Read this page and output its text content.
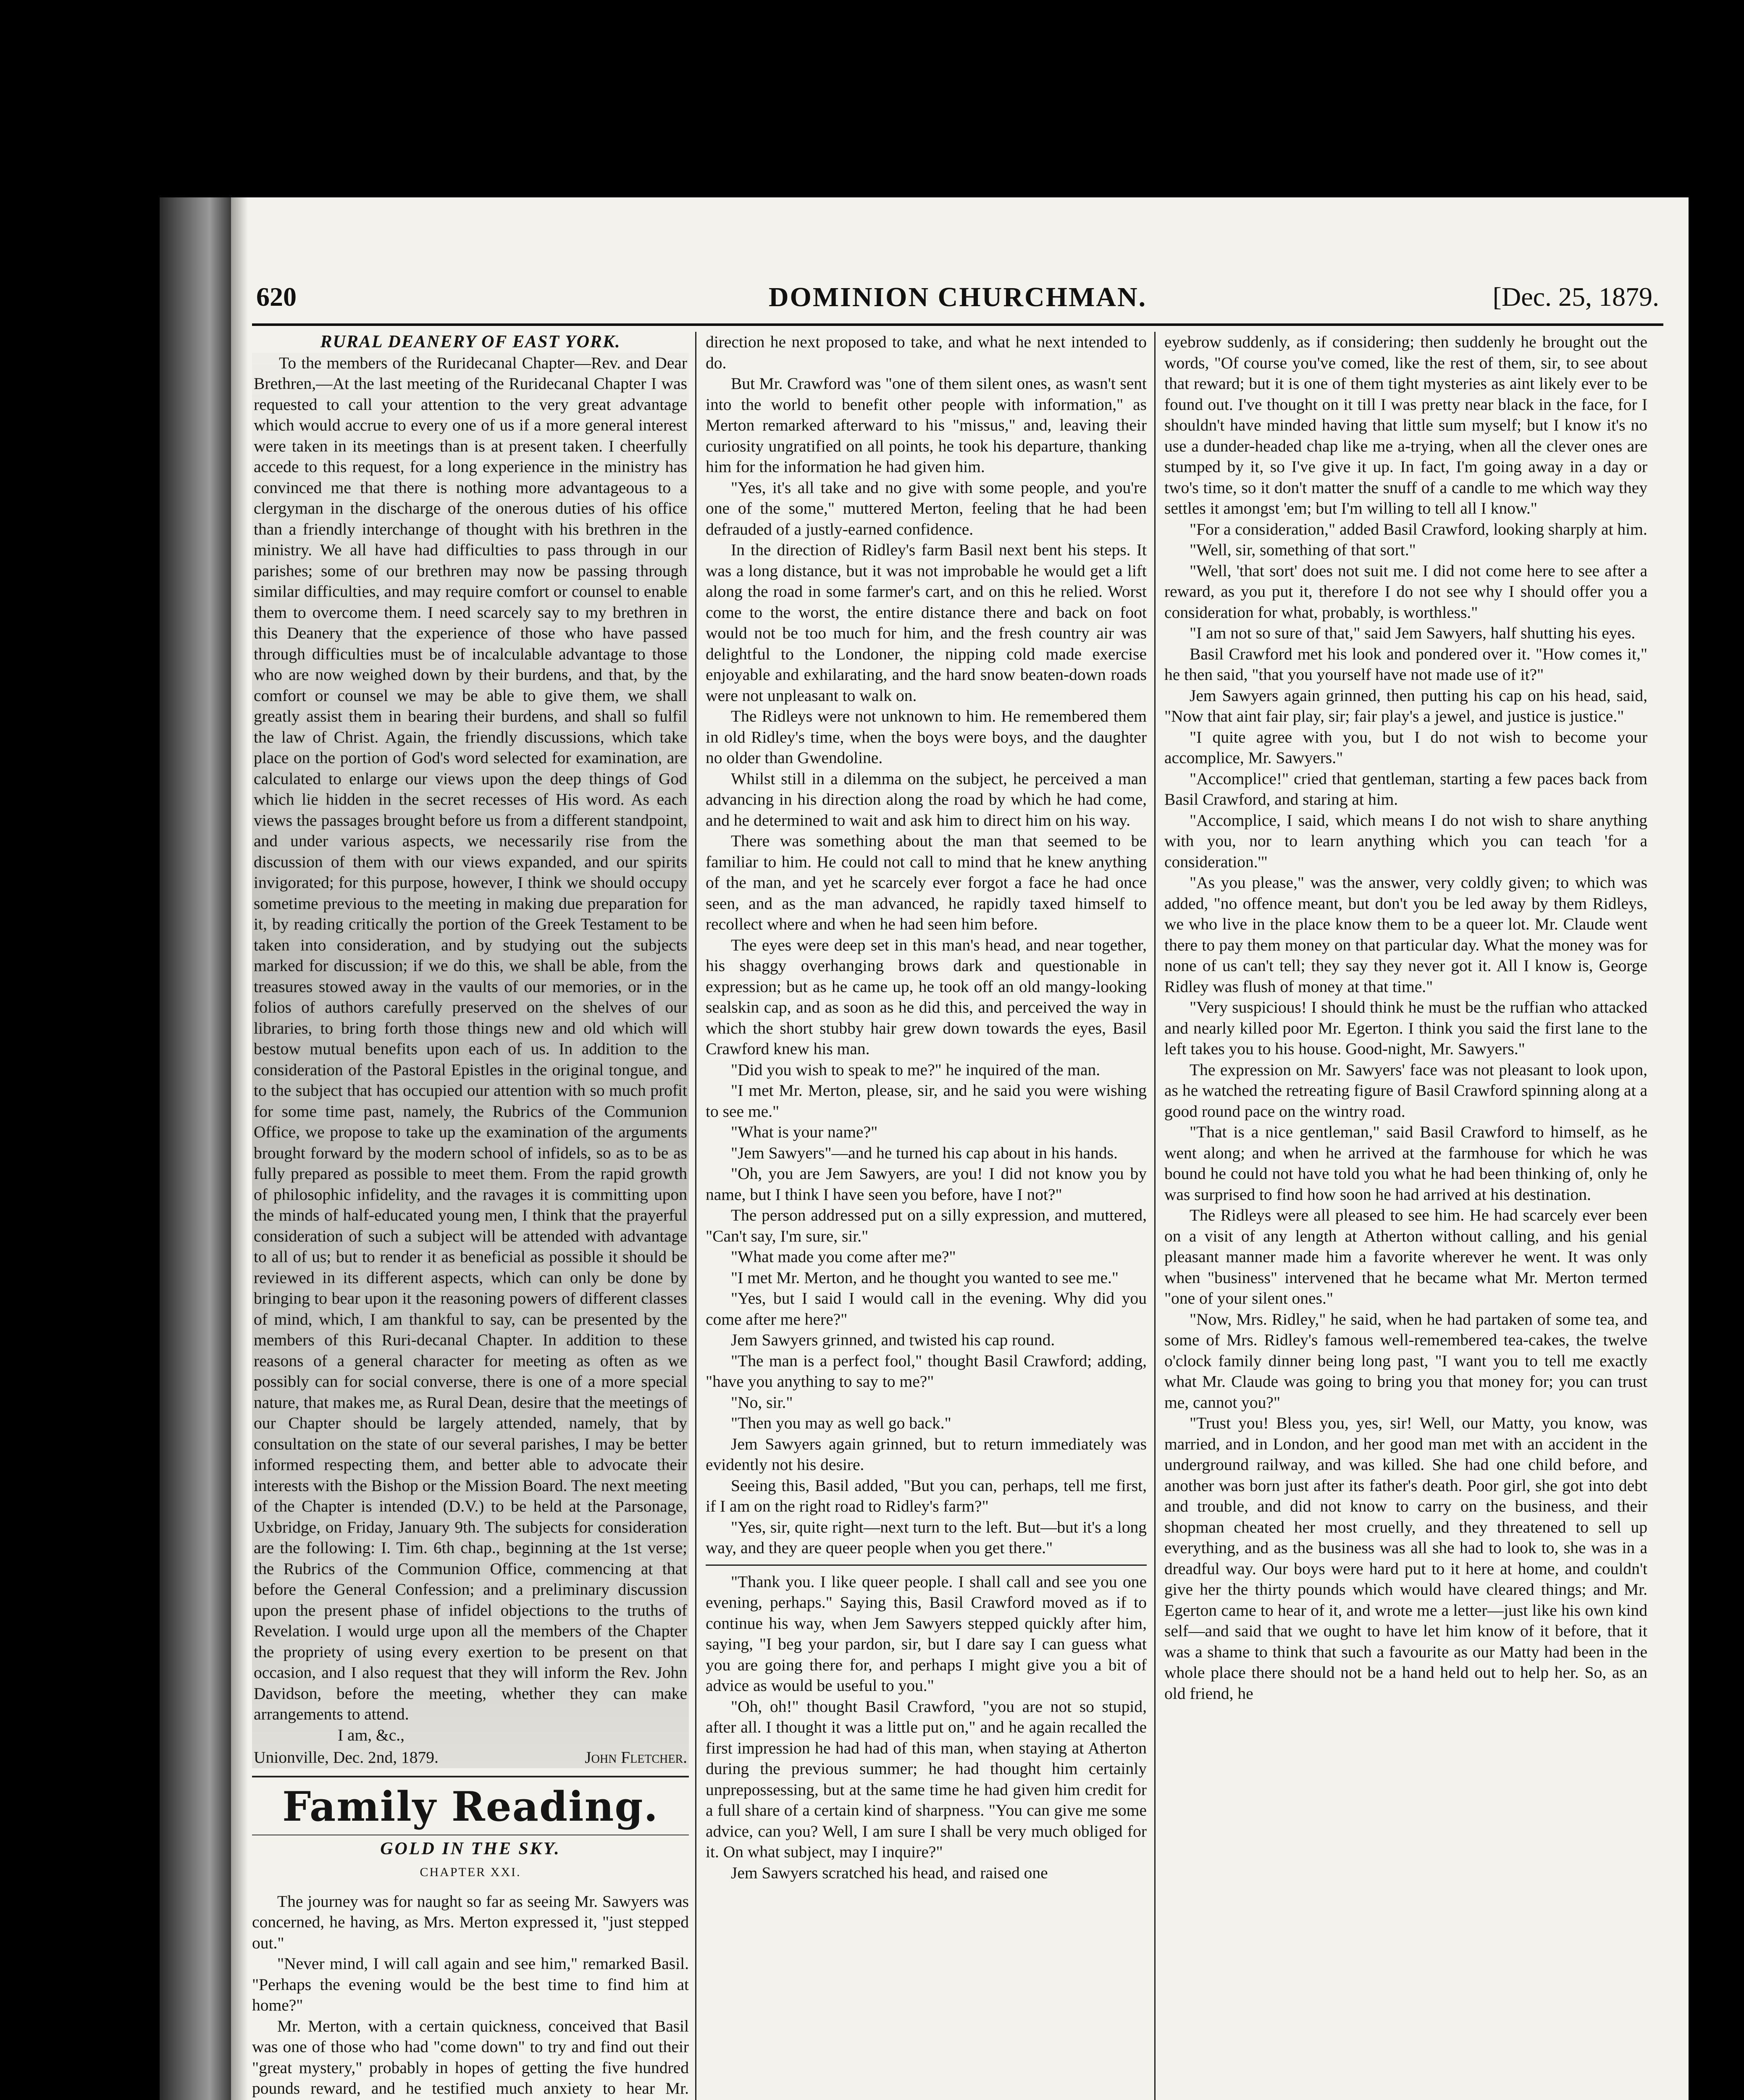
620	DOMINION CHURCHMAN.	[Dec. 25, 1879.

RURAL DEANERY OF EAST YORK.

To the members of the Ruridecanal Chapter—Rev. and Dear Brethren,—At the last meeting of the Ruridecanal Chapter I was requested to call your attention to the very great advantage which would accrue to every one of us if a more general interest were taken in its meetings than is at present taken. I cheerfully accede to this request, for a long experience in the ministry has convinced me that there is nothing more advantageous to a clergyman in the discharge of the onerous duties of his office than a friendly interchange of thought with his brethren in the ministry. We all have had difficulties to pass through in our parishes; some of our brethren may now be passing through similar difficulties, and may require comfort or counsel to enable them to overcome them. I need scarcely say to my brethren in this Deanery that the experience of those who have passed through difficulties must be of incalculable advantage to those who are now weighed down by their burdens, and that, by the comfort or counsel we may be able to give them, we shall greatly assist them in bearing their burdens, and shall so fulfil the law of Christ. Again, the friendly discussions, which take place on the portion of God's word selected for examination, are calculated to enlarge our views upon the deep things of God which lie hidden in the secret recesses of His word. As each views the passages brought before us from a different standpoint, and under various aspects, we necessarily rise from the discussion of them with our views expanded, and our spirits invigorated; for this purpose, however, I think we should occupy sometime previous to the meeting in making due preparation for it, by reading critically the portion of the Greek Testament to be taken into consideration, and by studying out the subjects marked for discussion; if we do this, we shall be able, from the treasures stowed away in the vaults of our memories, or in the folios of authors carefully preserved on the shelves of our libraries, to bring forth those things new and old which will bestow mutual benefits upon each of us. In addition to the consideration of the Pastoral Epistles in the original tongue, and to the subject that has occupied our attention with so much profit for some time past, namely, the Rubrics of the Communion Office, we propose to take up the examination of the arguments brought forward by the modern school of infidels, so as to be as fully prepared as possible to meet them. From the rapid growth of philosophic infidelity, and the ravages it is committing upon the minds of half-educated young men, I think that the prayerful consideration of such a subject will be attended with advantage to all of us; but to render it as beneficial as possible it should be reviewed in its different aspects, which can only be done by bringing to bear upon it the reasoning powers of different classes of mind, which, I am thankful to say, can be presented by the members of this Ruri-decanal Chapter. In addition to these reasons of a general character for meeting as often as we possibly can for social converse, there is one of a more special nature, that makes me, as Rural Dean, desire that the meetings of our Chapter should be largely attended, namely, that by consultation on the state of our several parishes, I may be better informed respecting them, and better able to advocate their interests with the Bishop or the Mission Board. The next meeting of the Chapter is intended (D.V.) to be held at the Parsonage, Uxbridge, on Friday, January 9th. The subjects for consideration are the following: I. Tim. 6th chap., beginning at the 1st verse; the Rubrics of the Communion Office, commencing at that before the General Confession; and a preliminary discussion upon the present phase of infidel objections to the truths of Revelation. I would urge upon all the members of the Chapter the propriety of using every exertion to be present on that occasion, and I also request that they will inform the Rev. John Davidson, before the meeting, whether they can make arrangements to attend.

I am, &c.,

Unionville, Dec. 2nd, 1879.	John Fletcher.
Family Reading.
GOLD IN THE SKY.
CHAPTER XXI.

The journey was for naught so far as seeing Mr. Sawyers was concerned, he having, as Mrs. Merton expressed it, "just stepped out."

"Never mind, I will call again and see him," remarked Basil. "Perhaps the evening would be the best time to find him at home?"

Mr. Merton, with a certain quickness, conceived that Basil was one of those who had "come down" to try and find out their "great mystery," probably in hopes of getting the five hundred pounds reward, and he testified much anxiety to hear Mr.

direction he next proposed to take, and what he next intended to do.

But Mr. Crawford was "one of them silent ones, as wasn't sent into the world to benefit other people with information," as Merton remarked afterward to his "missus," and, leaving their curiosity ungratified on all points, he took his departure, thanking him for the information he had given him.

"Yes, it's all take and no give with some people, and you're one of the some," muttered Merton, feeling that he had been defrauded of a justly-earned confidence.

In the direction of Ridley's farm Basil next bent his steps. It was a long distance, but it was not improbable he would get a lift along the road in some farmer's cart, and on this he relied. Worst come to the worst, the entire distance there and back on foot would not be too much for him, and the fresh country air was delightful to the Londoner, the nipping cold made exercise enjoyable and exhilarating, and the hard snow beaten-down roads were not unpleasant to walk on.

The Ridleys were not unknown to him. He remembered them in old Ridley's time, when the boys were boys, and the daughter no older than Gwendoline.

Whilst still in a dilemma on the subject, he perceived a man advancing in his direction along the road by which he had come, and he determined to wait and ask him to direct him on his way.

There was something about the man that seemed to be familiar to him. He could not call to mind that he knew anything of the man, and yet he scarcely ever forgot a face he had once seen, and as the man advanced, he rapidly taxed himself to recollect where and when he had seen him before.

The eyes were deep set in this man's head, and near together, his shaggy overhanging brows dark and questionable in expression; but as he came up, he took off an old mangy-looking sealskin cap, and as soon as he did this, and perceived the way in which the short stubby hair grew down towards the eyes, Basil Crawford knew his man.

"Did you wish to speak to me?" he inquired of the man.

"I met Mr. Merton, please, sir, and he said you were wishing to see me."

"What is your name?"

"Jem Sawyers"—and he turned his cap about in his hands.

"Oh, you are Jem Sawyers, are you! I did not know you by name, but I think I have seen you before, have I not?"

The person addressed put on a silly expression, and muttered, "Can't say, I'm sure, sir."

"What made you come after me?"

"I met Mr. Merton, and he thought you wanted to see me."

"Yes, but I said I would call in the evening. Why did you come after me here?"

Jem Sawyers grinned, and twisted his cap round.

"The man is a perfect fool," thought Basil Crawford; adding, "have you anything to say to me?"

"No, sir."

"Then you may as well go back."

Jem Sawyers again grinned, but to return immediately was evidently not his desire.

Seeing this, Basil added, "But you can, perhaps, tell me first, if I am on the right road to Ridley's farm?"

"Yes, sir, quite right—next turn to the left. But—but it's a long way, and they are queer people when you get there."

"Thank you. I like queer people. I shall call and see you one evening, perhaps." Saying this, Basil Crawford moved as if to continue his way, when Jem Sawyers stepped quickly after him, saying, "I beg your pardon, sir, but I dare say I can guess what you are going there for, and perhaps I might give you a bit of advice as would be useful to you."

"Oh, oh!" thought Basil Crawford, "you are not so stupid, after all. I thought it was a little put on," and he again recalled the first impression he had had of this man, when staying at Atherton during the previous summer; he had thought him certainly unprepossessing, but at the same time he had given him credit for a full share of a certain kind of sharpness. "You can give me some advice, can you? Well, I am sure I shall be very much obliged for it. On what subject, may I inquire?"

Jem Sawyers scratched his head, and raised one

eyebrow suddenly, as if considering; then suddenly he brought out the words, "Of course you've comed, like the rest of them, sir, to see about that reward; but it is one of them tight mysteries as aint likely ever to be found out. I've thought on it till I was pretty near black in the face, for I shouldn't have minded having that little sum myself; but I know it's no use a dunder-headed chap like me a-trying, when all the clever ones are stumped by it, so I've give it up. In fact, I'm going away in a day or two's time, so it don't matter the snuff of a candle to me which way they settles it amongst 'em; but I'm willing to tell all I know."

"For a consideration," added Basil Crawford, looking sharply at him.

"Well, sir, something of that sort."

"Well, 'that sort' does not suit me. I did not come here to see after a reward, as you put it, therefore I do not see why I should offer you a consideration for what, probably, is worthless."

"I am not so sure of that," said Jem Sawyers, half shutting his eyes.

Basil Crawford met his look and pondered over it. "How comes it," he then said, "that you yourself have not made use of it?"

Jem Sawyers again grinned, then putting his cap on his head, said, "Now that aint fair play, sir; fair play's a jewel, and justice is justice."

"I quite agree with you, but I do not wish to become your accomplice, Mr. Sawyers."

"Accomplice!" cried that gentleman, starting a few paces back from Basil Crawford, and staring at him.

"Accomplice, I said, which means I do not wish to share anything with you, nor to learn anything which you can teach 'for a consideration.'"

"As you please," was the answer, very coldly given; to which was added, "no offence meant, but don't you be led away by them Ridleys, we who live in the place know them to be a queer lot. Mr. Claude went there to pay them money on that particular day. What the money was for none of us can't tell; they say they never got it. All I know is, George Ridley was flush of money at that time."

"Very suspicious! I should think he must be the ruffian who attacked and nearly killed poor Mr. Egerton. I think you said the first lane to the left takes you to his house. Good-night, Mr. Sawyers."

The expression on Mr. Sawyers' face was not pleasant to look upon, as he watched the retreating figure of Basil Crawford spinning along at a good round pace on the wintry road.

"That is a nice gentleman," said Basil Crawford to himself, as he went along; and when he arrived at the farmhouse for which he was bound he could not have told you what he had been thinking of, only he was surprised to find how soon he had arrived at his destination.

The Ridleys were all pleased to see him. He had scarcely ever been on a visit of any length at Atherton without calling, and his genial pleasant manner made him a favorite wherever he went. It was only when "business" intervened that he became what Mr. Merton termed "one of your silent ones."

"Now, Mrs. Ridley," he said, when he had partaken of some tea, and some of Mrs. Ridley's famous well-remembered tea-cakes, the twelve o'clock family dinner being long past, "I want you to tell me exactly what Mr. Claude was going to bring you that money for; you can trust me, cannot you?"

"Trust you! Bless you, yes, sir! Well, our Matty, you know, was married, and in London, and her good man met with an accident in the underground railway, and was killed. She had one child before, and another was born just after its father's death. Poor girl, she got into debt and trouble, and did not know to carry on the business, and their shopman cheated her most cruelly, and they threatened to sell up everything, and as the business was all she had to look to, she was in a dreadful way. Our boys were hard put to it here at home, and couldn't give her the thirty pounds which would have cleared things; and Mr. Egerton came to hear of it, and wrote me a letter—just like his own kind self—and said that we ought to have let him know of it before, that it was a shame to think that such a favourite as our Matty had been in the whole place there should not be a hand held out to help her. So, as an old friend, he
